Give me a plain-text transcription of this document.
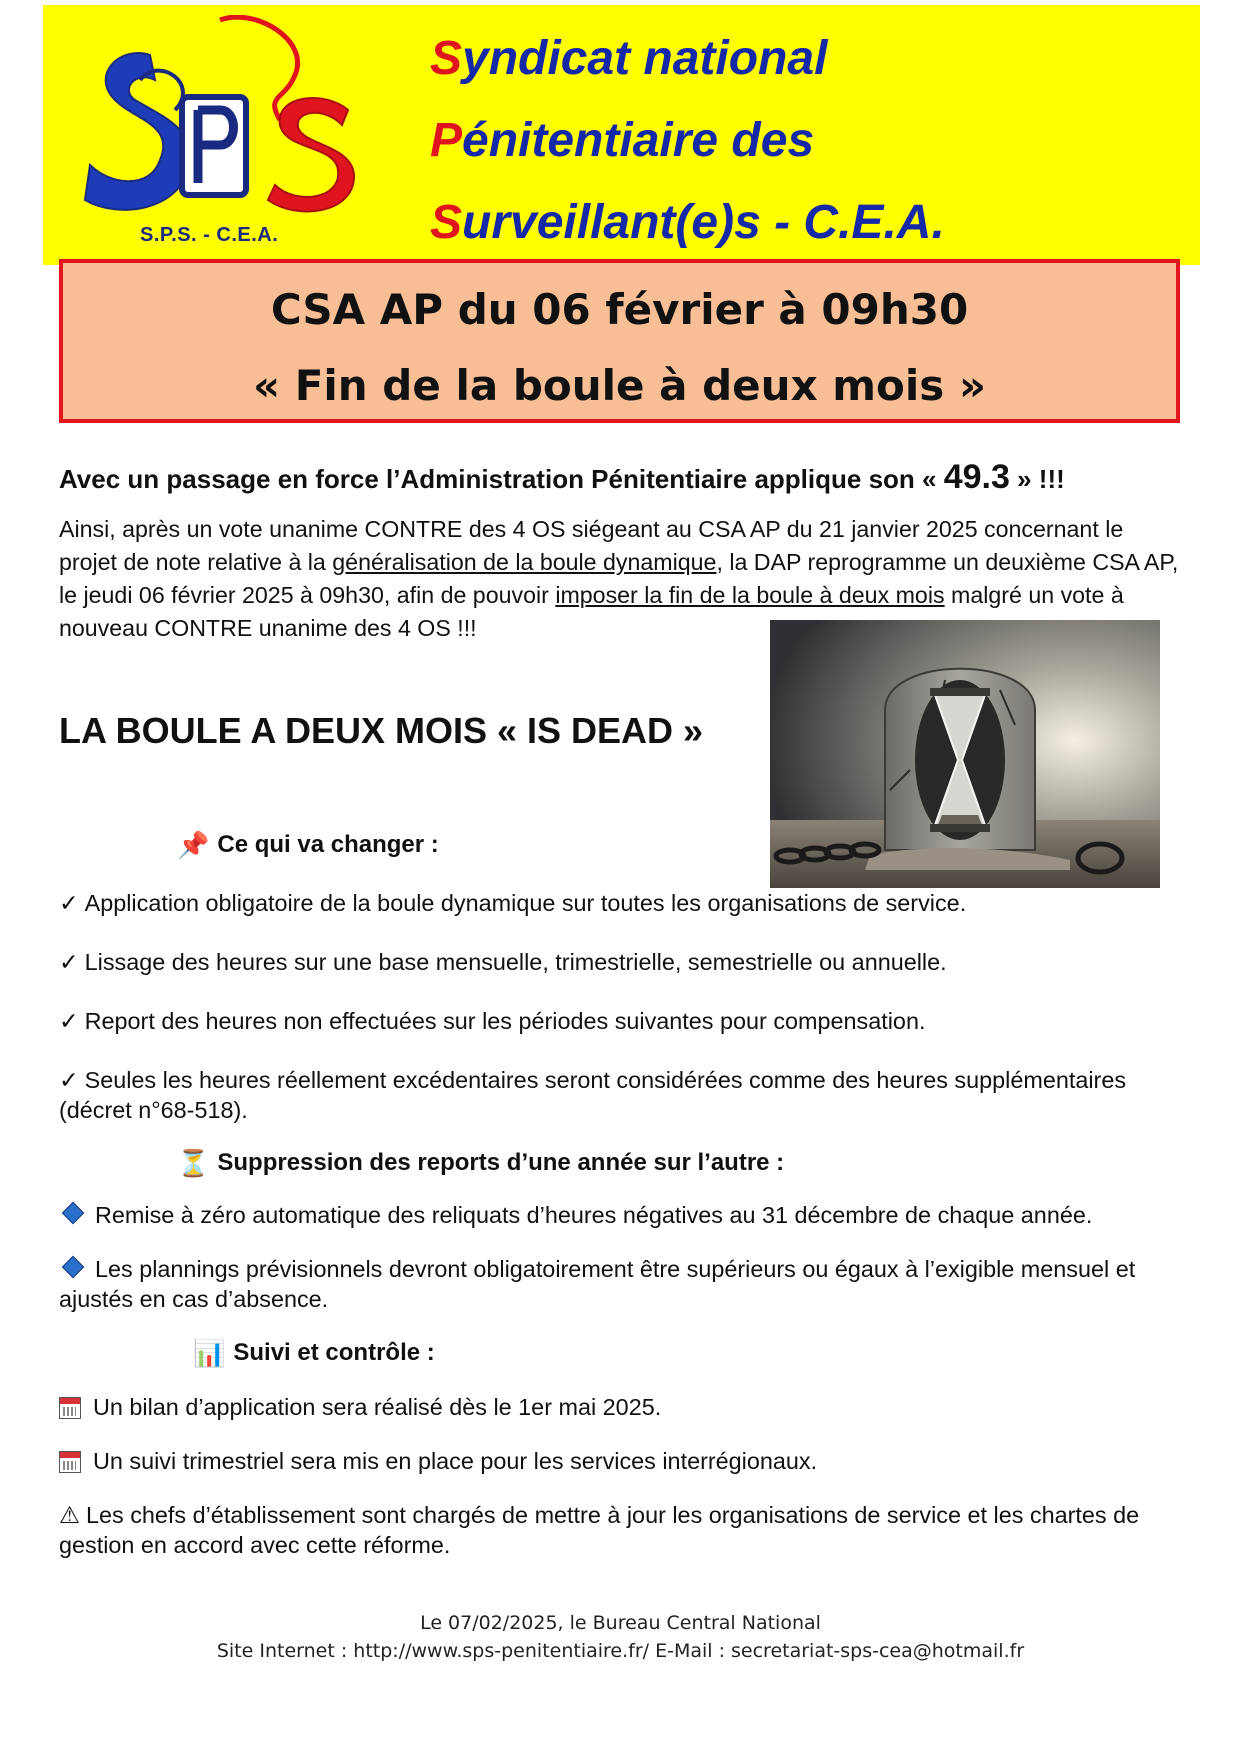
S.P.S. - C.E.A.
Syndicat national
Pénitentiaire des
Surveillant(e)s - C.E.A.
CSA AP du 06 février à 09h30
« Fin de la boule à deux mois »
Avec un passage en force l’Administration Pénitentiaire applique son « 49.3 » !!!
Ainsi, après un vote unanime CONTRE des 4 OS siégeant au CSA AP du 21 janvier 2025 concernant le projet de note relative à la généralisation de la boule dynamique, la DAP reprogramme un deuxième CSA AP, le jeudi 06 février 2025 à 09h30, afin de pouvoir imposer la fin de la boule à deux mois malgré un vote à nouveau CONTRE unanime des 4 OS !!!
LA BOULE A DEUX MOIS « IS DEAD »
📌 Ce qui va changer :
✓ Application obligatoire de la boule dynamique sur toutes les organisations de service.
✓ Lissage des heures sur une base mensuelle, trimestrielle, semestrielle ou annuelle.
✓ Report des heures non effectuées sur les périodes suivantes pour compensation.
✓ Seules les heures réellement excédentaires seront considérées comme des heures supplémentaires (décret n°68-518).
⏳ Suppression des reports d’une année sur l’autre :
Remise à zéro automatique des reliquats d’heures négatives au 31 décembre de chaque année.
Les plannings prévisionnels devront obligatoirement être supérieurs ou égaux à l’exigible mensuel et ajustés en cas d’absence.
📊 Suivi et contrôle :
Un bilan d’application sera réalisé dès le 1er mai 2025.
Un suivi trimestriel sera mis en place pour les services interrégionaux.
⚠ Les chefs d’établissement sont chargés de mettre à jour les organisations de service et les chartes de gestion en accord avec cette réforme.
Le 07/02/2025, le Bureau Central National
Site Internet : http://www.sps-penitentiaire.fr/ E-Mail : secretariat-sps-cea@hotmail.fr
